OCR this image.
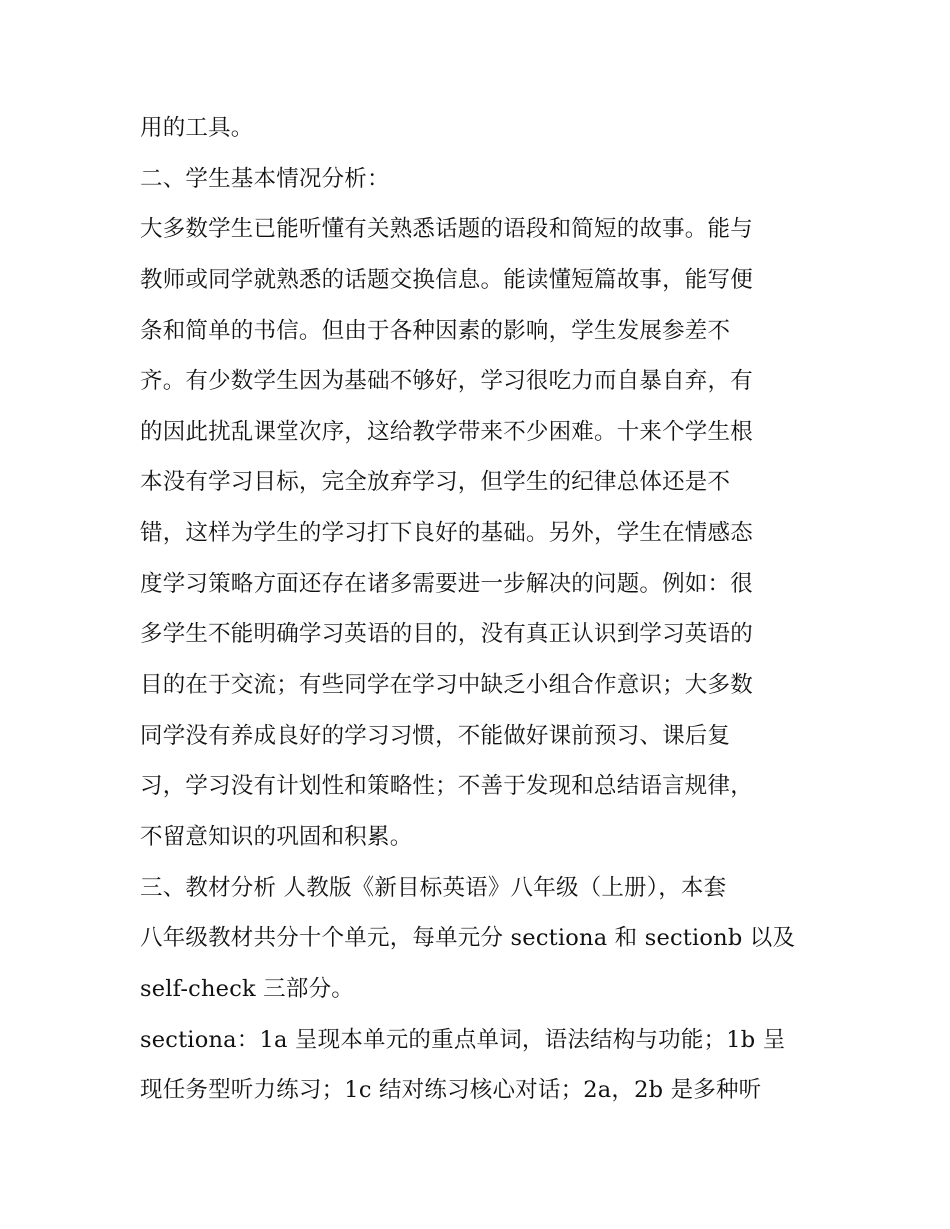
用的工具。
二、学生基本情况分析：
大多数学生已能听懂有关熟悉话题的语段和简短的故事。能与
教师或同学就熟悉的话题交换信息。能读懂短篇故事，能写便
条和简单的书信。但由于各种因素的影响，学生发展参差不
齐。有少数学生因为基础不够好，学习很吃力而自暴自弃，有
的因此扰乱课堂次序，这给教学带来不少困难。十来个学生根
本没有学习目标，完全放弃学习，但学生的纪律总体还是不
错，这样为学生的学习打下良好的基础。另外，学生在情感态
度学习策略方面还存在诸多需要进一步解决的问题。例如：很
多学生不能明确学习英语的目的，没有真正认识到学习英语的
目的在于交流；有些同学在学习中缺乏小组合作意识；大多数
同学没有养成良好的学习习惯，不能做好课前预习、课后复
习，学习没有计划性和策略性；不善于发现和总结语言规律，
不留意知识的巩固和积累。
三、教材分析 人教版《新目标英语》八年级（上册），本套
八年级教材共分十个单元，每单元分 sectiona 和 sectionb 以及
self-check 三部分。
sectiona：1a 呈现本单元的重点单词，语法结构与功能；1b 呈
现任务型听力练习；1c 结对练习核心对话；2a，2b 是多种听
